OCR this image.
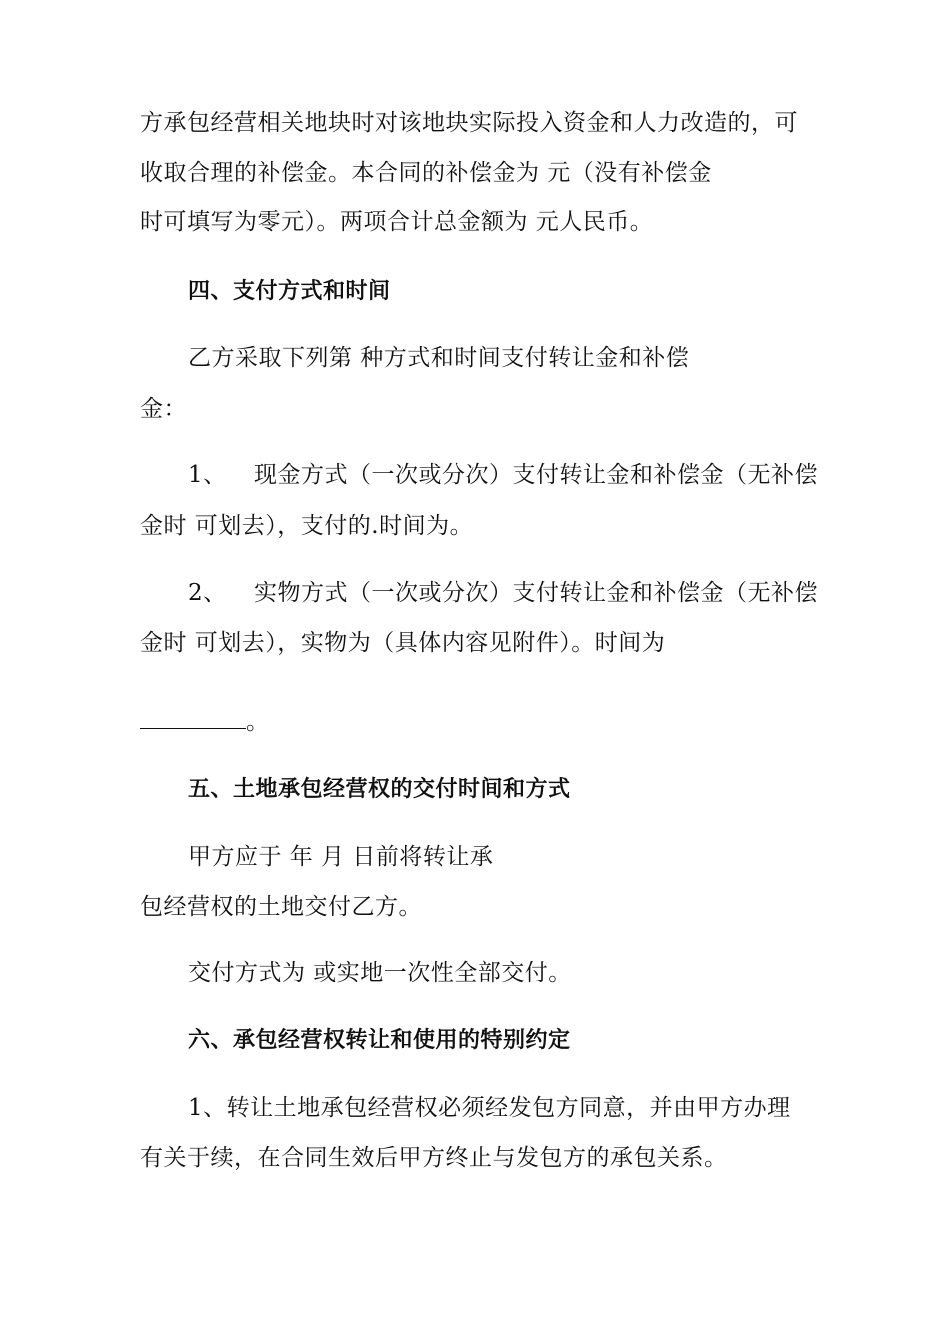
方承包经营相关地块时对该地块实际投入资金和人力改造的，可
收取合理的补偿金。本合同的补偿金为 元（没有补偿金
时可填写为零元）。两项合计总金额为 元人民币。
四、支付方式和时间
乙方采取下列第 种方式和时间支付转让金和补偿
金：
1、 现金方式（一次或分次）支付转让金和补偿金（无补偿
金时 可划去），支付的.时间为。
2、 实物方式（一次或分次）支付转让金和补偿金（无补偿
金时 可划去），实物为（具体内容见附件）。时间为
。
五、土地承包经营权的交付时间和方式
甲方应于 年 月 日前将转让承
包经营权的土地交付乙方。
交付方式为 或实地一次性全部交付。
六、承包经营权转让和使用的特别约定
1、转让土地承包经营权必须经发包方同意，并由甲方办理
有关于续，在合同生效后甲方终止与发包方的承包关系。
